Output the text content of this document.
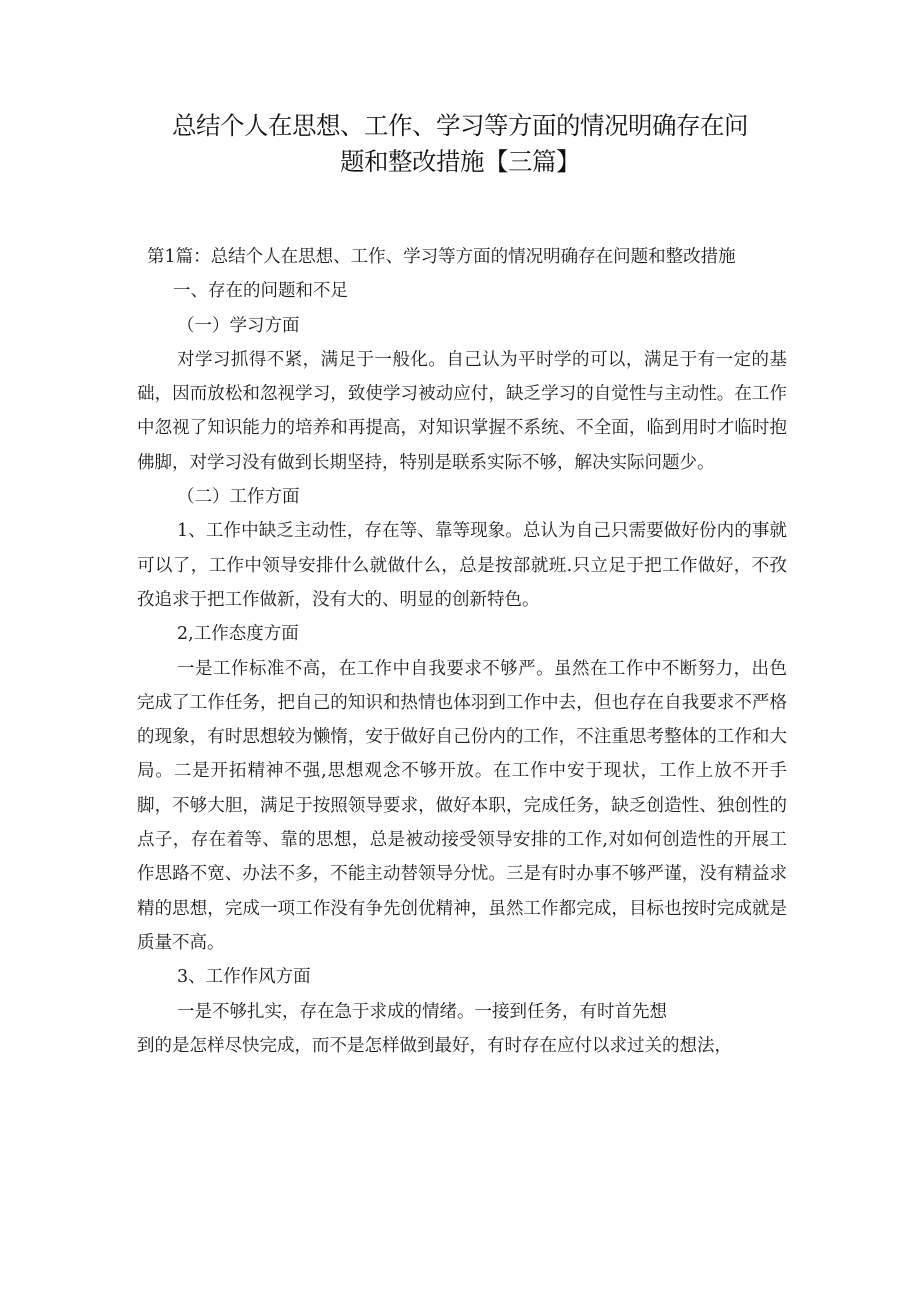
总结个人在思想、工作、学习等方面的情况明确存在问
题和整改措施【三篇】

第1篇：总结个人在思想、工作、学习等方面的情况明确存在问题和整改措施

一、存在的问题和不足

（一）学习方面

对学习抓得不紧，满足于一般化。自己认为平时学的可以，满足于有一定的基础，因而放松和忽视学习，致使学习被动应付，缺乏学习的自觉性与主动性。在工作中忽视了知识能力的培养和再提高，对知识掌握不系统、不全面，临到用时才临时抱佛脚，对学习没有做到长期坚持，特别是联系实际不够，解决实际问题少。

（二）工作方面

1、工作中缺乏主动性，存在等、靠等现象。总认为自己只需要做好份内的事就可以了，工作中领导安排什么就做什么，总是按部就班.只立足于把工作做好，不孜孜追求于把工作做新，没有大的、明显的创新特色。

2,工作态度方面

一是工作标准不高，在工作中自我要求不够严。虽然在工作中不断努力，出色完成了工作任务，把自己的知识和热情也体羽到工作中去，但也存在自我要求不严格的现象，有时思想较为懒惰，安于做好自己份内的工作，不注重思考整体的工作和大局。二是开拓精神不强,思想观念不够开放。在工作中安于现状，工作上放不开手脚，不够大胆，满足于按照领导要求，做好本职，完成任务，缺乏创造性、独创性的点子，存在着等、靠的思想，总是被动接受领导安排的工作,对如何创造性的开展工作思路不宽、办法不多，不能主动替领导分忧。三是有时办事不够严谨，没有精益求精的思想，完成一项工作没有争先创优精神，虽然工作都完成，目标也按时完成就是质量不高。

3、工作作风方面

一是不够扎实，存在急于求成的情绪。一接到任务，有时首先想

到的是怎样尽快完成，而不是怎样做到最好，有时存在应付以求过关的想法，
